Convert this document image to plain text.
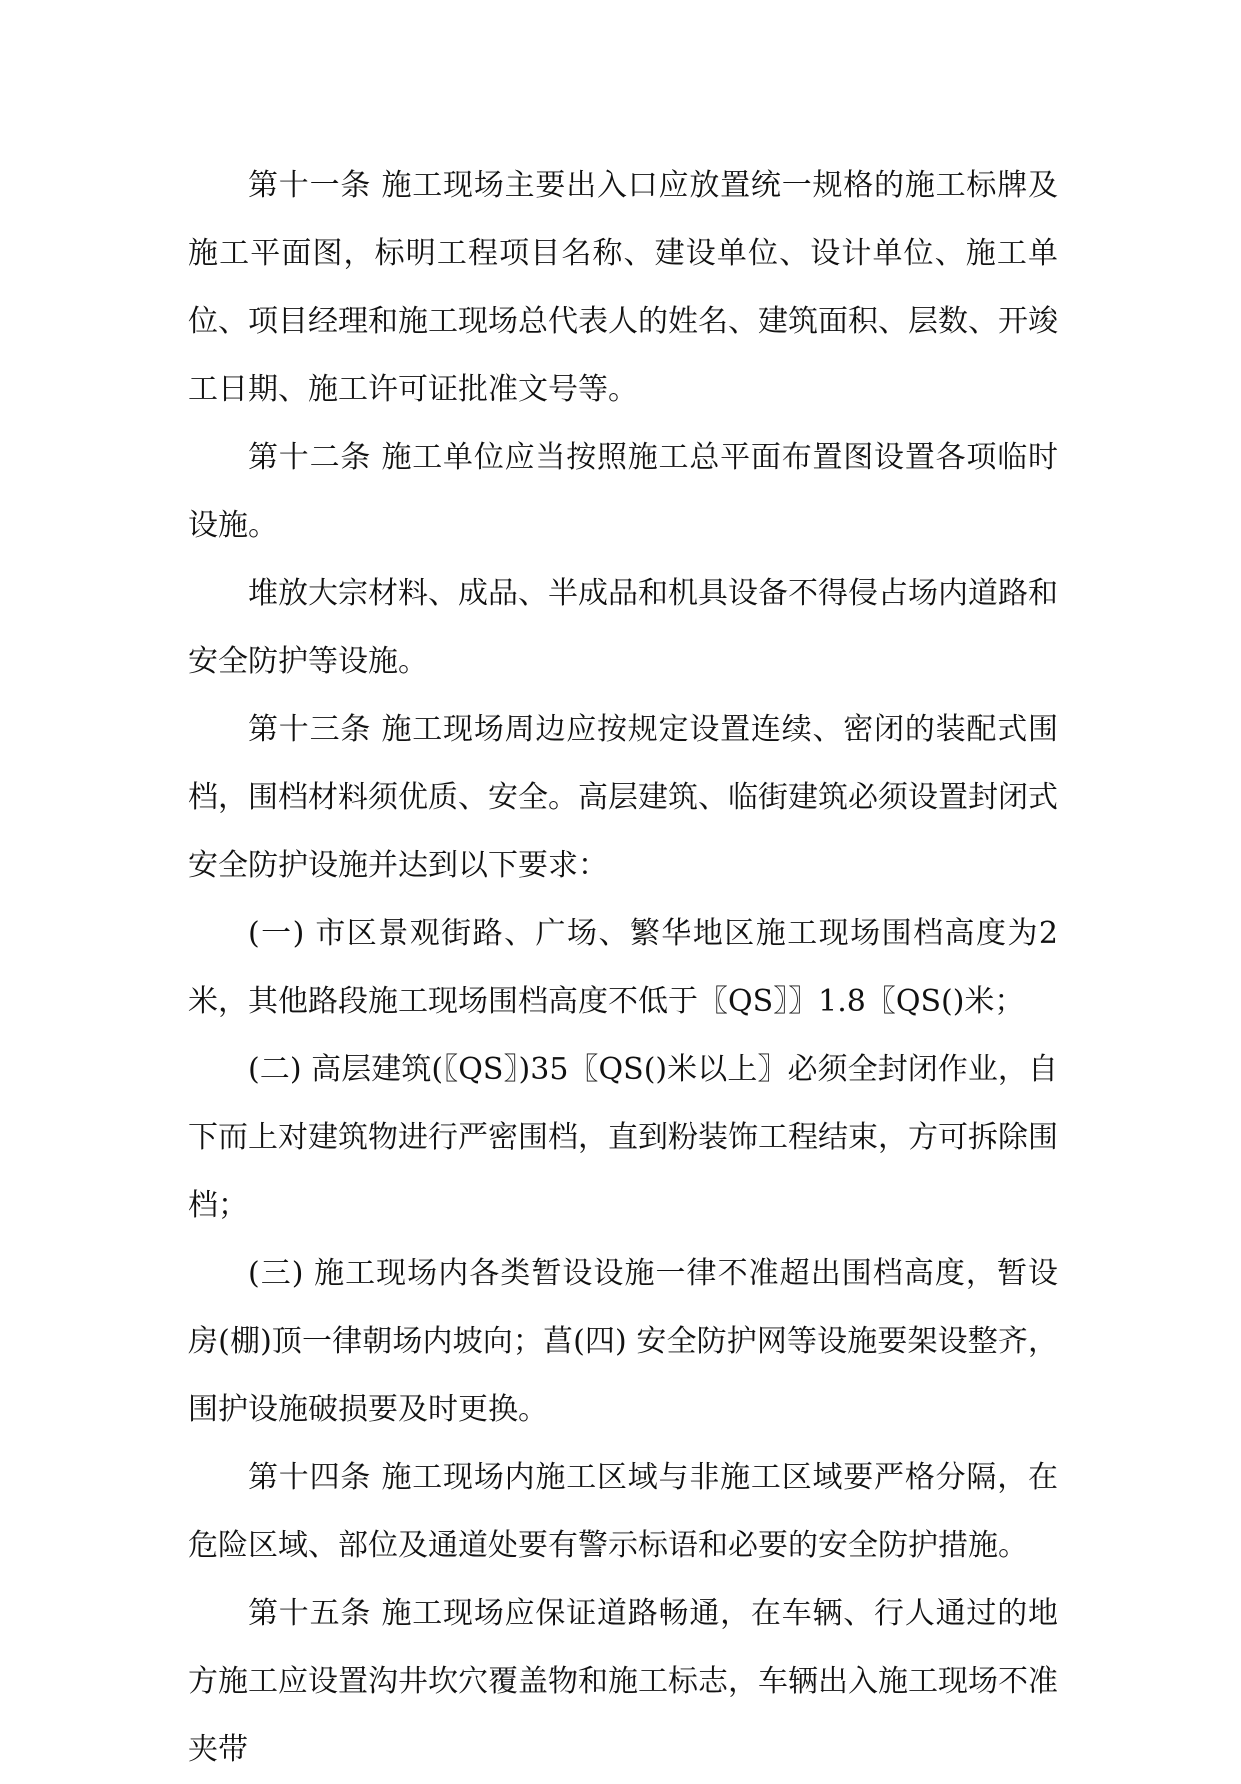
第十一条 施工现场主要出入口应放置统一规格的施工标牌及施工平面图，标明工程项目名称、建设单位、设计单位、施工单位、项目经理和施工现场总代表人的姓名、建筑面积、层数、开竣工日期、施工许可证批准文号等。

第十二条 施工单位应当按照施工总平面布置图设置各项临时设施。

堆放大宗材料、成品、半成品和机具设备不得侵占场内道路和安全防护等设施。

第十三条 施工现场周边应按规定设置连续、密闭的装配式围档，围档材料须优质、安全。高层建筑、临街建筑必须设置封闭式安全防护设施并达到以下要求：

(一) 市区景观街路、广场、繁华地区施工现场围档高度为2米，其他路段施工现场围档高度不低于〖QS〗〗1.8〖QS()米；

(二) 高层建筑(〖QS〗)35〖QS()米以上〗必须全封闭作业，自下而上对建筑物进行严密围档，直到粉装饰工程结束，方可拆除围档；

(三) 施工现场内各类暂设设施一律不准超出围档高度，暂设房(棚)顶一律朝场内坡向；菖(四) 安全防护网等设施要架设整齐，围护设施破损要及时更换。

第十四条 施工现场内施工区域与非施工区域要严格分隔，在危险区域、部位及通道处要有警示标语和必要的安全防护措施。

第十五条 施工现场应保证道路畅通，在车辆、行人通过的地方施工应设置沟井坎穴覆盖物和施工标志，车辆出入施工现场不准夹带
